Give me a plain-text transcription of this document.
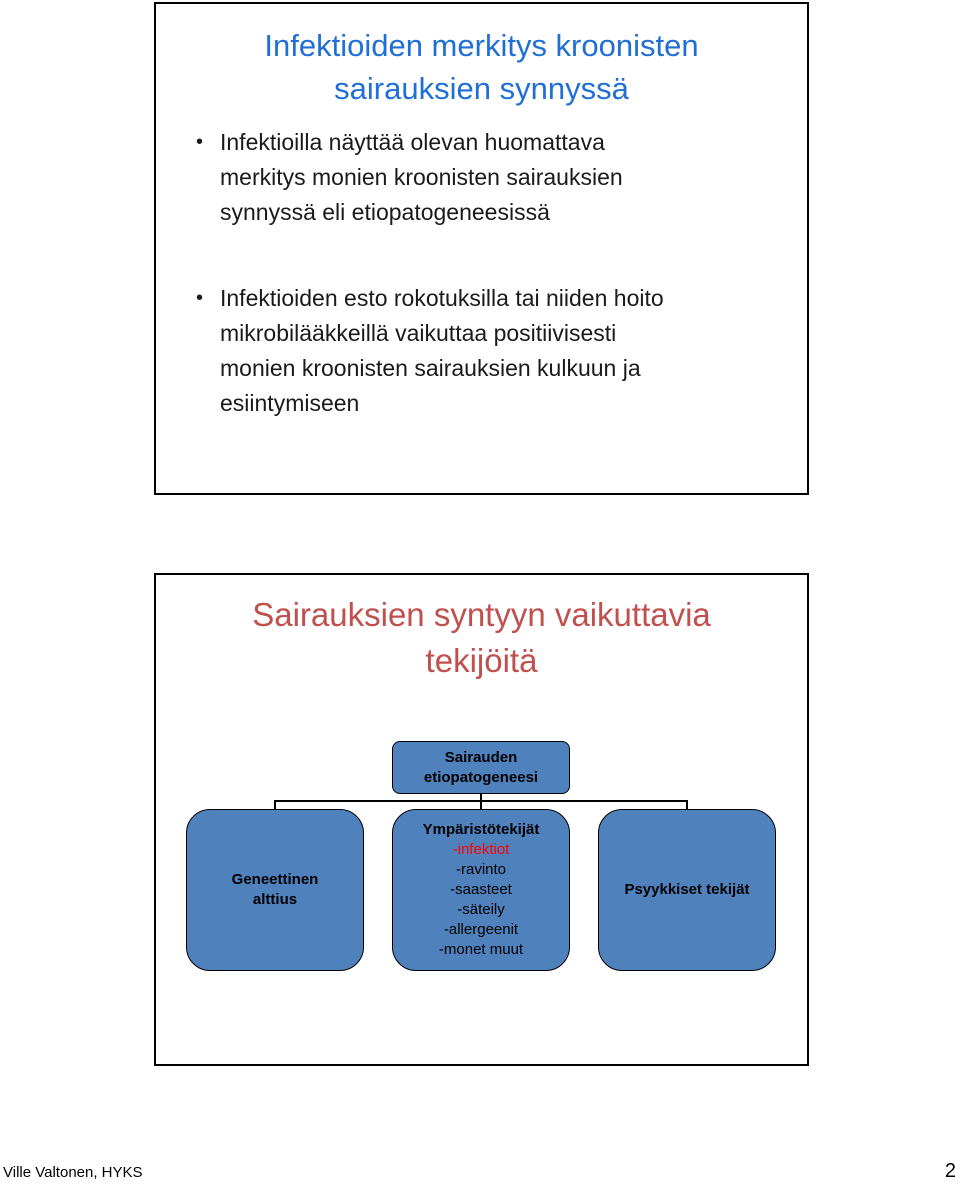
Infektioiden merkitys kroonisten
sairauksien synnyssä
• Infektioilla näyttää olevan huomattava
merkitys monien kroonisten sairauksien
synnyssä eli etiopatogeneesissä
• Infektioiden esto rokotuksilla tai niiden hoito
mikrobilääkkeillä vaikuttaa positiivisesti
monien kroonisten sairauksien kulkuun ja
esiintymiseen
Sairauksien syntyyn vaikuttavia
tekijöitä
Sairauden
etiopatogeneesi
Geneettinen
alttius
Ympäristötekijät
-infektiot
-ravinto
-saasteet
-säteily
-allergeenit
-monet muut
Psyykkiset tekijät
Ville Valtonen, HYKS	2
